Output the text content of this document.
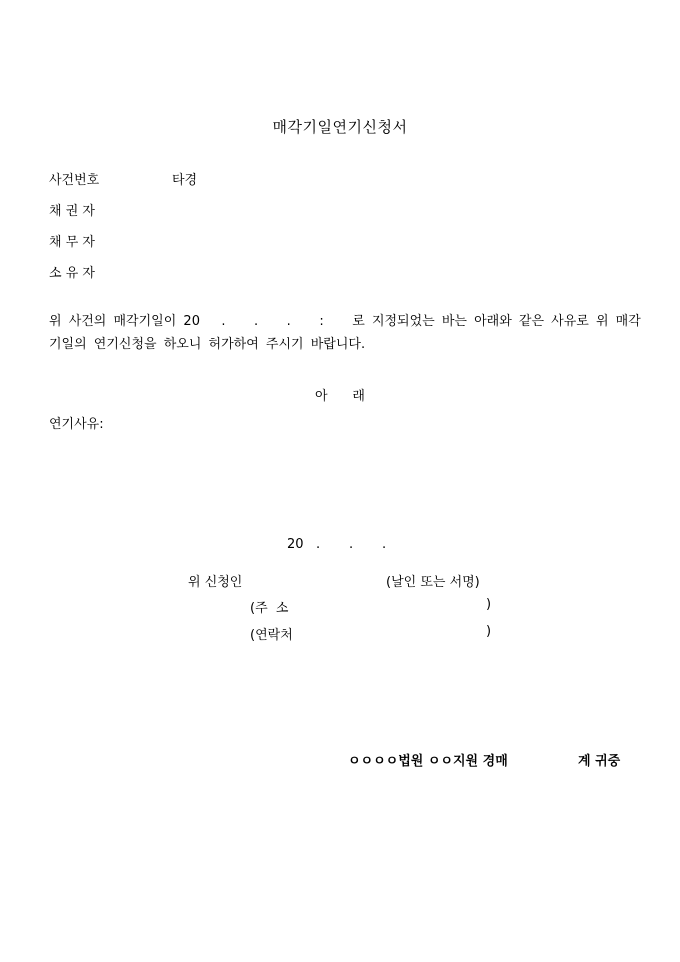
매각기일연기신청서
사건번호	타경
채 권 자
채 무 자
소 유 자
위 사건의 매각기일이 20   .    .    .    :    로 지정되었는 바는 아래와 같은 사유로 위 매각
기일의 연기신청을 하오니 허가하여 주시기 바랍니다.
아      래
연기사유:
20   .       .       .
위 신청인	(날인 또는 서명)
(주  소	)
(연락처	)
ㅇㅇㅇㅇ법원 ㅇㅇ지원 경매	계 귀중
